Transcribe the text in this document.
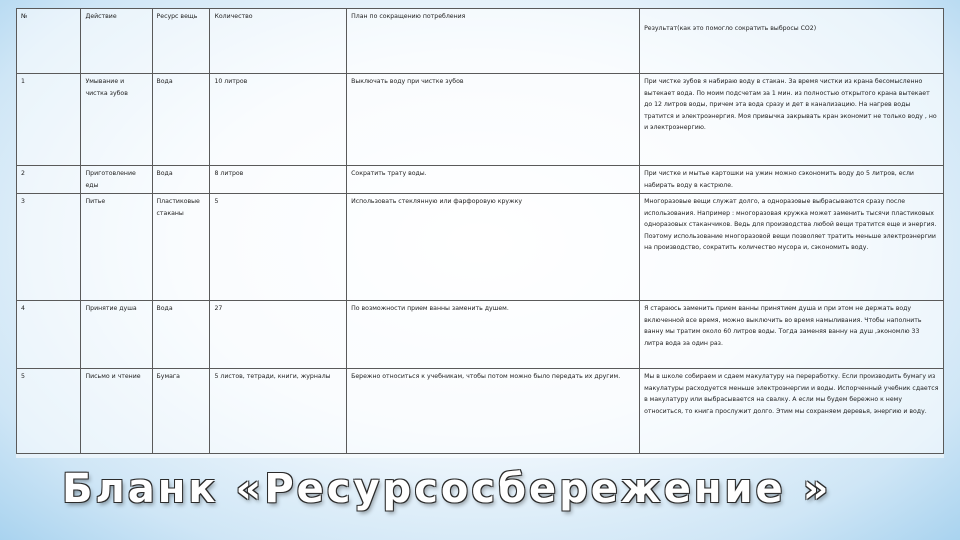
№	Действие	Ресурс вещь	Количество	План по сокращению потребления	Результат(как это помогло сократить выбросы СО2)
1	Умывание и чистка зубов	Вода	10 литров	Выключать воду при чистке зубов	При чистке зубов я набираю воду в стакан. За время чистки из крана бесомысленно вытекает вода. По моим подсчетам за 1 мин. из полностью открытого крана вытекает до 12 литров воды, причем эта вода сразу и дет в канализацию. На нагрев воды тратится и электроэнергия. Моя привычка закрывать кран экономит не только воду , но и электроэнергию.
2	Приготовление еды	Вода	8 литров	Сократить трату воды.	При чистке и мытье картошки на ужин можно сэкономить воду до 5 литров, если набирать воду в кастрюле.
3	Питье	Пластиковые стаканы	5	Использовать стеклянную или фарфоровую кружку	Многоразовые вещи служат долго, а одноразовые выбрасываются сразу после использования. Например : многоразовая кружка может заменить тысячи пластиковых одноразовых стаканчиков. Ведь для производства любой вещи тратится еще и энергия. Поэтому использование многоразовой вещи позволяет тратить меньше электроэнергии на производство, сократить количество мусора и, сэкономить воду.
4	Принятие душа	Вода	27	По возможности прием ванны заменить душем.	Я стараюсь заменить прием ванны принятием душа и при этом не держать воду включенной все время, можно выключить во время намыливания. Чтобы наполнить ванну мы тратим около 60 литров воды. Тогда заменяя ванну на душ ,экономлю 33 литра вода за один раз.
5	Письмо и чтение	Бумага	5 листов, тетради, книги, журналы	Бережно относиться к учебникам, чтобы потом можно было передать их другим.	Мы в школе собираем и сдаем макулатуру на переработку. Если производить бумагу из макулатуры расходуется меньше электроэнергии и воды. Испорченный учебник сдается в макулатуру или выбрасывается на свалку. А если мы будем бережно к нему относиться, то книга прослужит долго. Этим мы сохраняем деревья, энергию и воду.
Бланк «Ресурсосбережение »
